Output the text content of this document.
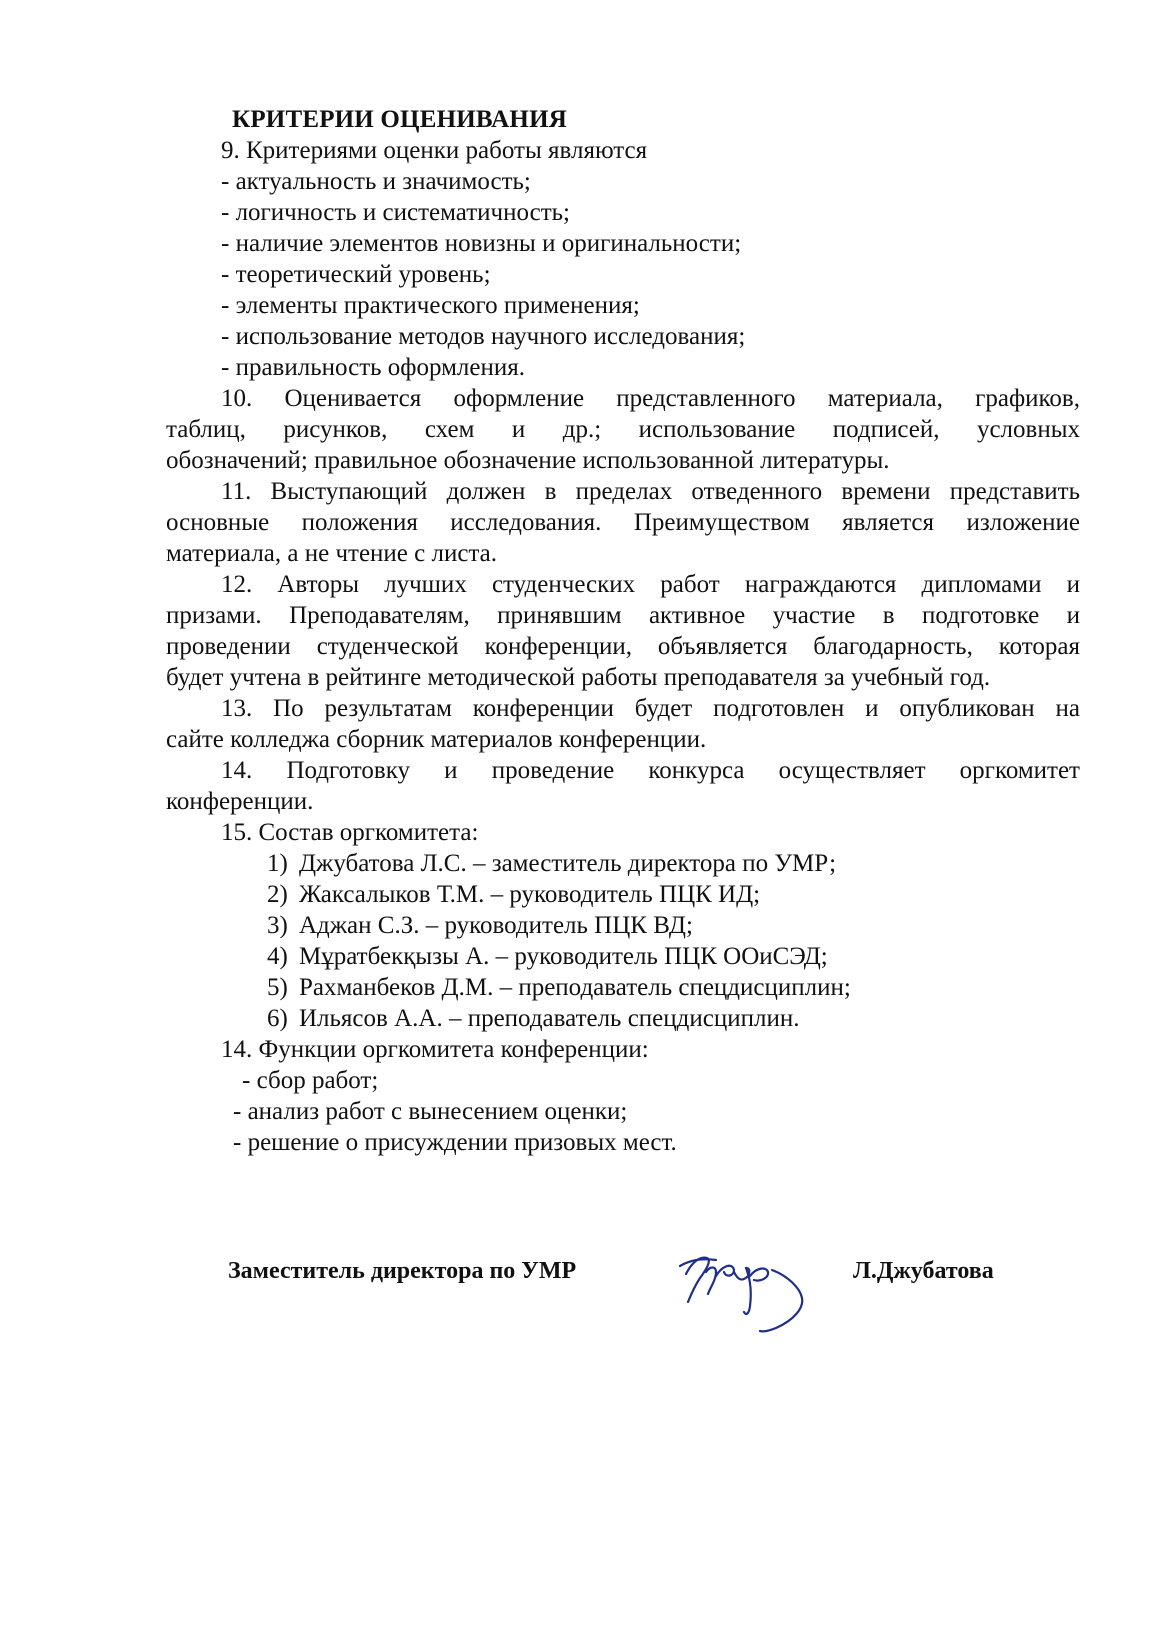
КРИТЕРИИ ОЦЕНИВАНИЯ
9. Критериями оценки работы являются
- актуальность и значимость;
- логичность и систематичность;
- наличие элементов новизны и оригинальности;
- теоретический уровень;
- элементы практического применения;
- использование методов научного исследования;
- правильность оформления.
10. Оценивается оформление представленного материала, графиков,
таблиц, рисунков, схем и др.; использование подписей, условных
обозначений; правильное обозначение использованной литературы.
11. Выступающий должен в пределах отведенного времени представить
основные положения исследования. Преимуществом является изложение
материала, а не чтение с листа.
12. Авторы лучших студенческих работ награждаются дипломами и
призами. Преподавателям, принявшим активное участие в подготовке и
проведении студенческой конференции, объявляется благодарность, которая
будет учтена в рейтинге методической работы преподавателя за учебный год.
13. По результатам конференции будет подготовлен и опубликован на
сайте колледжа сборник материалов конференции.
14. Подготовку и проведение конкурса осуществляет оргкомитет
конференции.
15. Состав оргкомитета:
1) Джубатова Л.С. – заместитель директора по УМР;
2) Жаксалыков Т.М. – руководитель ПЦК ИД;
3) Аджан С.З. – руководитель ПЦК ВД;
4) Мұратбекқызы А. – руководитель ПЦК ООиСЭД;
5) Рахманбеков Д.М. – преподаватель спецдисциплин;
6) Ильясов А.А. – преподаватель спецдисциплин.
14. Функции оргкомитета конференции:
- сбор работ;
- анализ работ с вынесением оценки;
- решение о присуждении призовых мест.
Заместитель директора по УМР	Л.Джубатова
